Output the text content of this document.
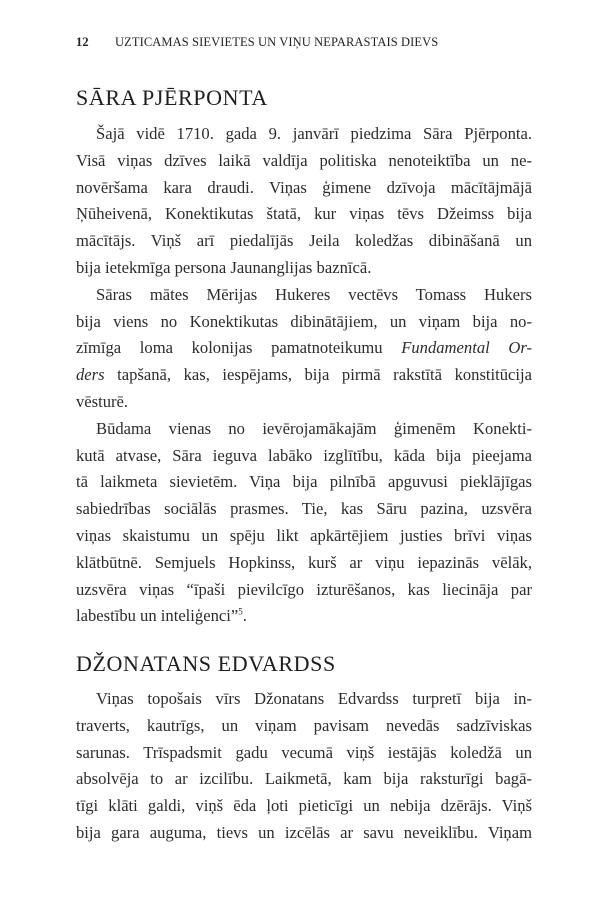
12 UZTICAMAS SIEVIETES UN VIŅU NEPARASTAIS DIEVS
SĀRA PJĒRPONTA
Šajā vidē 1710. gada 9. janvārī piedzima Sāra Pjērponta.
Visā viņas dzīves laikā valdīja politiska nenoteiktība un ne-
novēršama kara draudi. Viņas ģimene dzīvoja mācītājmājā
Ņūheivenā, Konektikutas štatā, kur viņas tēvs Džeimss bija
mācītājs. Viņš arī piedalījās Jeila koledžas dibināšanā un
bija ietekmīga persona Jaunanglijas baznīcā.
Sāras mātes Mērijas Hukeres vectēvs Tomass Hukers
bija viens no Konektikutas dibinātājiem, un viņam bija no-
zīmīga loma kolonijas pamatnoteikumu Fundamental Or-
ders tapšanā, kas, iespējams, bija pirmā rakstītā konstitūcija
vēsturē.
Būdama vienas no ievērojamākajām ģimenēm Konekti-
kutā atvase, Sāra ieguva labāko izglītību, kāda bija pieejama
tā laikmeta sievietēm. Viņa bija pilnībā apguvusi pieklājīgas
sabiedrības sociālās prasmes. Tie, kas Sāru pazina, uzsvēra
viņas skaistumu un spēju likt apkārtējiem justies brīvi viņas
klātbūtnē. Semjuels Hopkinss, kurš ar viņu iepazinās vēlāk,
uzsvēra viņas “īpaši pievilcīgo izturēšanos, kas liecināja par
labestību un inteliģenci”$^5$.
DŽONATANS EDVARDSS
Viņas topošais vīrs Džonatans Edvardss turpretī bija in-
traverts, kautrīgs, un viņam pavisam nevedās sadzīviskas
sarunas. Trīspadsmit gadu vecumā viņš iestājās koledžā un
absolvēja to ar izcilību. Laikmetā, kam bija raksturīgi bagā-
tīgi klāti galdi, viņš ēda ļoti pieticīgi un nebija dzērājs. Viņš
bija gara auguma, tievs un izcēlās ar savu neveiklību. Viņam
